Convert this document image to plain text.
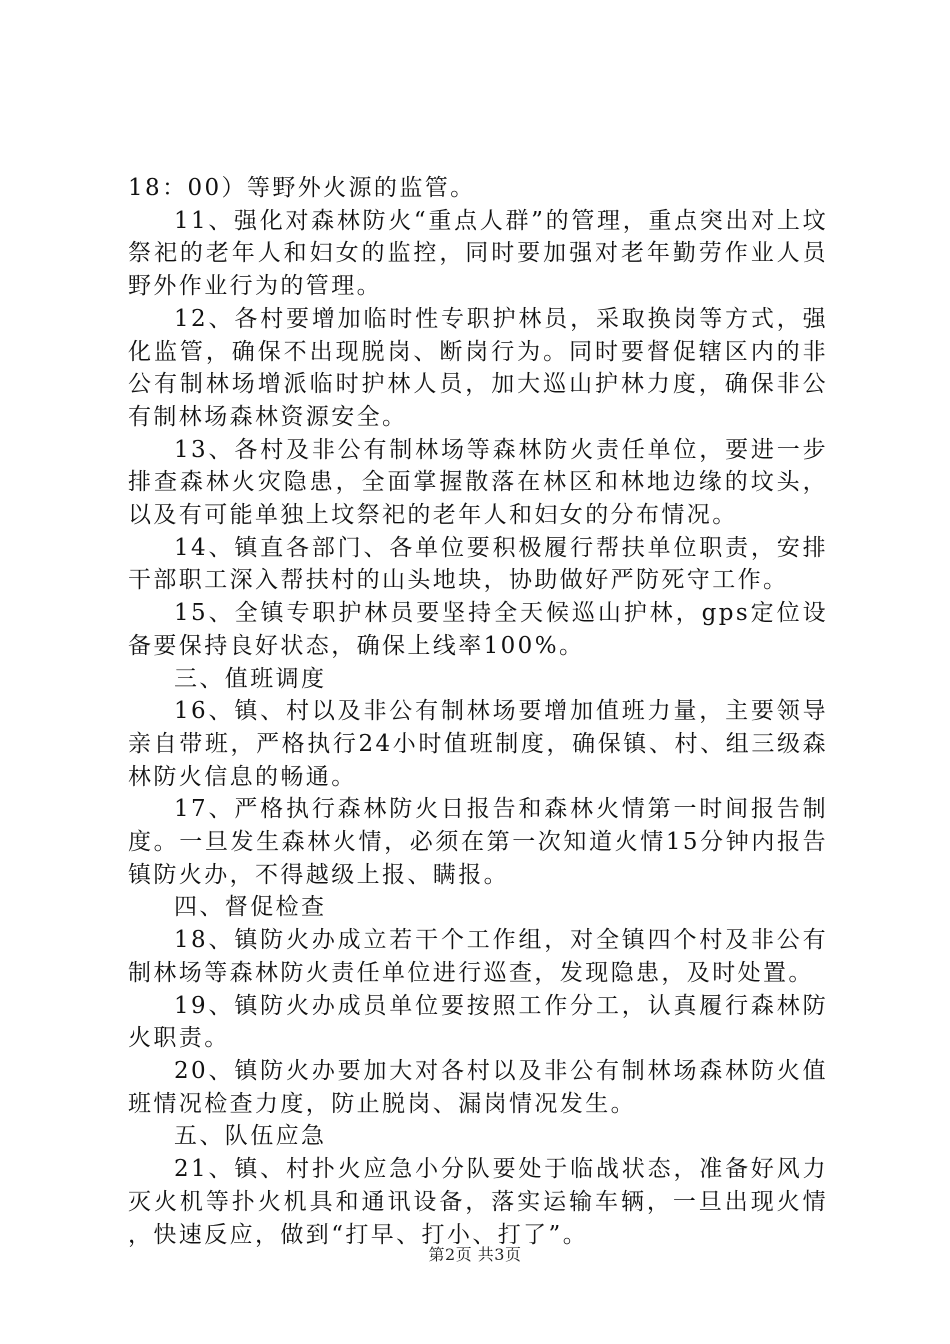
18：00）等野外火源的监管。

11、强化对森林防火“重点人群”的管理，重点突出对上坟祭祀的老年人和妇女的监控，同时要加强对老年勤劳作业人员野外作业行为的管理。

12、各村要增加临时性专职护林员，采取换岗等方式，强化监管，确保不出现脱岗、断岗行为。同时要督促辖区内的非公有制林场增派临时护林人员，加大巡山护林力度，确保非公有制林场森林资源安全。

13、各村及非公有制林场等森林防火责任单位，要进一步排查森林火灾隐患，全面掌握散落在林区和林地边缘的坟头，以及有可能单独上坟祭祀的老年人和妇女的分布情况。

14、镇直各部门、各单位要积极履行帮扶单位职责，安排干部职工深入帮扶村的山头地块，协助做好严防死守工作。

15、全镇专职护林员要坚持全天候巡山护林，gps定位设备要保持良好状态，确保上线率100%。

三、值班调度

16、镇、村以及非公有制林场要增加值班力量，主要领导亲自带班，严格执行24小时值班制度，确保镇、村、组三级森林防火信息的畅通。

17、严格执行森林防火日报告和森林火情第一时间报告制度。一旦发生森林火情，必须在第一次知道火情15分钟内报告镇防火办，不得越级上报、瞒报。

四、督促检查

18、镇防火办成立若干个工作组，对全镇四个村及非公有制林场等森林防火责任单位进行巡查，发现隐患，及时处置。

19、镇防火办成员单位要按照工作分工，认真履行森林防火职责。

20、镇防火办要加大对各村以及非公有制林场森林防火值班情况检查力度，防止脱岗、漏岗情况发生。

五、队伍应急

21、镇、村扑火应急小分队要处于临战状态，准备好风力灭火机等扑火机具和通讯设备，落实运输车辆，一旦出现火情，快速反应，做到“打早、打小、打了”。

第2页 共3页
